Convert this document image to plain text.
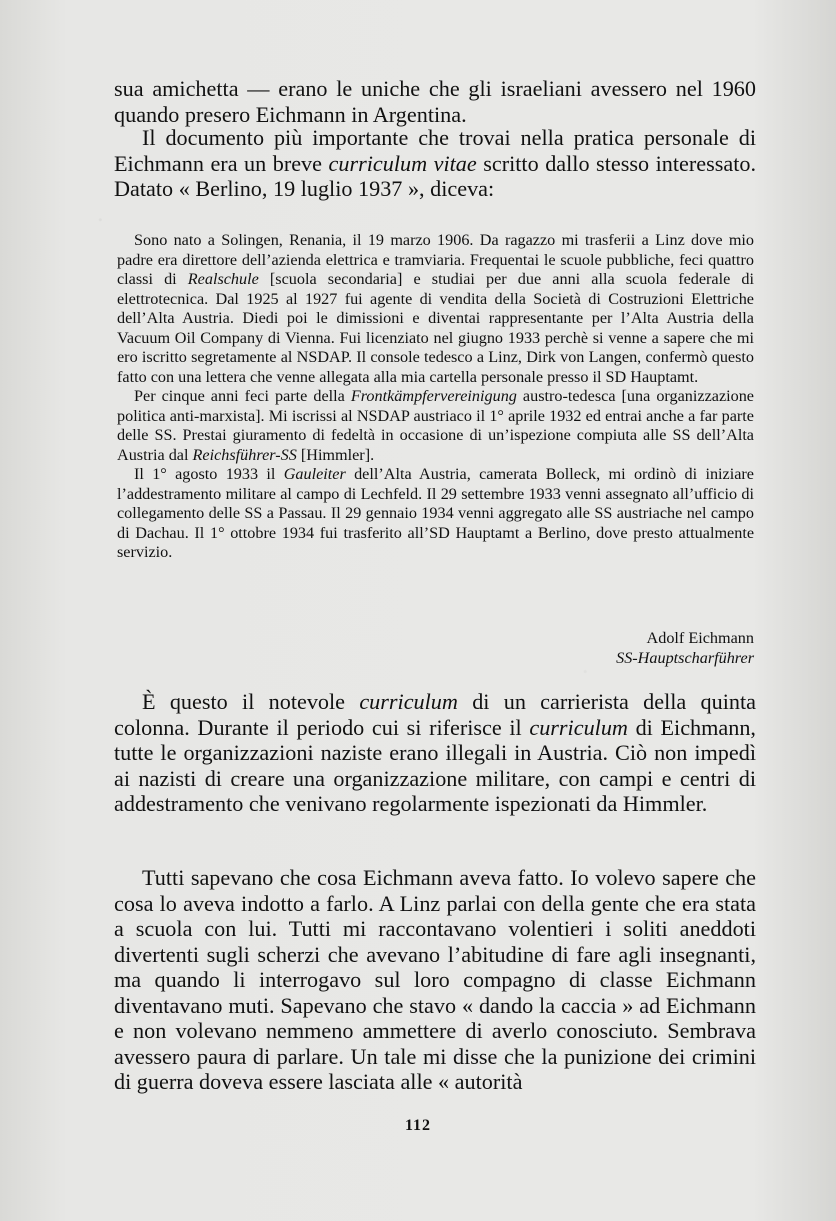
sua amichetta — erano le uniche che gli israeliani avessero nel 1960 quando presero Eichmann in Argentina.

Il documento più importante che trovai nella pratica personale di Eichmann era un breve curriculum vitae scritto dallo stesso interessato. Datato « Berlino, 19 luglio 1937 », diceva:

Sono nato a Solingen, Renania, il 19 marzo 1906. Da ragazzo mi trasferii a Linz dove mio padre era direttore dell’azienda elettrica e tramviaria. Frequentai le scuole pubbliche, feci quattro classi di Realschule [scuola secondaria] e studiai per due anni alla scuola federale di elettrotecnica. Dal 1925 al 1927 fui agente di vendita della Società di Costruzioni Elettriche dell’Alta Austria. Diedi poi le dimissioni e diventai rappresentante per l’Alta Austria della Vacuum Oil Company di Vienna. Fui licenziato nel giugno 1933 perchè si venne a sapere che mi ero iscritto segretamente al NSDAP. Il console tedesco a Linz, Dirk von Langen, confermò questo fatto con una lettera che venne allegata alla mia cartella personale presso il SD Hauptamt.

Per cinque anni feci parte della Frontkämpfervereinigung austro-tedesca [una organizzazione politica anti-marxista]. Mi iscrissi al NSDAP austriaco il 1° aprile 1932 ed entrai anche a far parte delle SS. Prestai giuramento di fedeltà in occasione di un’ispezione compiuta alle SS dell’Alta Austria dal Reichsführer-SS [Himmler].

Il 1° agosto 1933 il Gauleiter dell’Alta Austria, camerata Bolleck, mi ordinò di iniziare l’addestramento militare al campo di Lechfeld. Il 29 settembre 1933 venni assegnato all’ufficio di collegamento delle SS a Passau. Il 29 gennaio 1934 venni aggregato alle SS austriache nel campo di Dachau. Il 1° ottobre 1934 fui trasferito all’SD Hauptamt a Berlino, dove presto attualmente servizio.

Adolf Eichmann
SS-Hauptscharführer

È questo il notevole curriculum di un carrierista della quinta colonna. Durante il periodo cui si riferisce il curriculum di Eichmann, tutte le organizzazioni naziste erano illegali in Austria. Ciò non impedì ai nazisti di creare una organizzazione militare, con campi e centri di addestramento che venivano regolarmente ispezionati da Himmler.

Tutti sapevano che cosa Eichmann aveva fatto. Io volevo sapere che cosa lo aveva indotto a farlo. A Linz parlai con della gente che era stata a scuola con lui. Tutti mi raccontavano volentieri i soliti aneddoti divertenti sugli scherzi che avevano l’abitudine di fare agli insegnanti, ma quando li interrogavo sul loro compagno di classe Eichmann diventavano muti. Sapevano che stavo « dando la caccia » ad Eichmann e non volevano nemmeno ammettere di averlo conosciuto. Sembrava avessero paura di parlare. Un tale mi disse che la punizione dei crimini di guerra doveva essere lasciata alle « autorità

112
